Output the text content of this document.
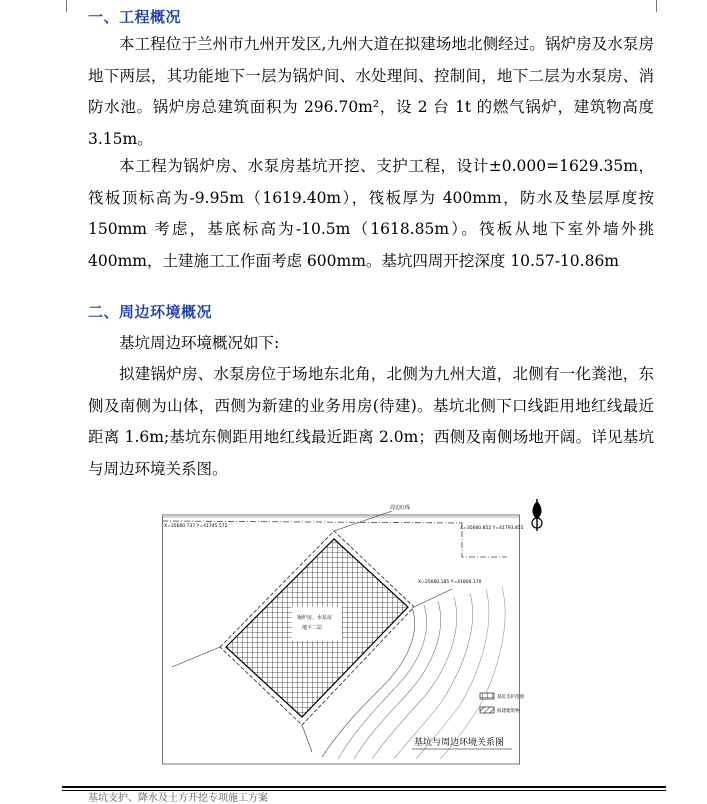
一、工程概况

本工程位于兰州市九州开发区,九州大道在拟建场地北侧经过。锅炉房及水泵房地下两层，其功能地下一层为锅炉间、水处理间、控制间，地下二层为水泵房、消防水池。锅炉房总建筑面积为 296.70m²，设 2 台 1t 的燃气锅炉，建筑物高度 3.15m。

本工程为锅炉房、水泵房基坑开挖、支护工程，设计±0.000=1629.35m，筏板顶标高为-9.95m（1619.40m），筏板厚为 400mm，防水及垫层厚度按 150mm 考虑，基底标高为-10.5m（1618.85m）。筏板从地下室外墙外挑 400mm，土建施工工作面考虑 600mm。基坑四周开挖深度 10.57-10.86m

二、周边环境概况

基坑周边环境概况如下:

拟建锅炉房、水泵房位于场地东北角，北侧为九州大道，北侧有一化粪池，东侧及南侧为山体，西侧为新建的业务用房(待建)。基坑北侧下口线距用地红线最近距离 1.6m;基坑东侧距用地红线最近距离 2.0m；西侧及南侧场地开阔。详见基坑与周边环境关系图。

锅炉房、水泵房
地下二层
X=35660.737 Y=41745.572	X=35660.852 Y=41793.855
X=35660.185 Y=41800.170
周边红线
基坑支护范围
拟建建筑物
基坑与周边环境关系图
基坑支护、降水及土方开挖专项施工方案
